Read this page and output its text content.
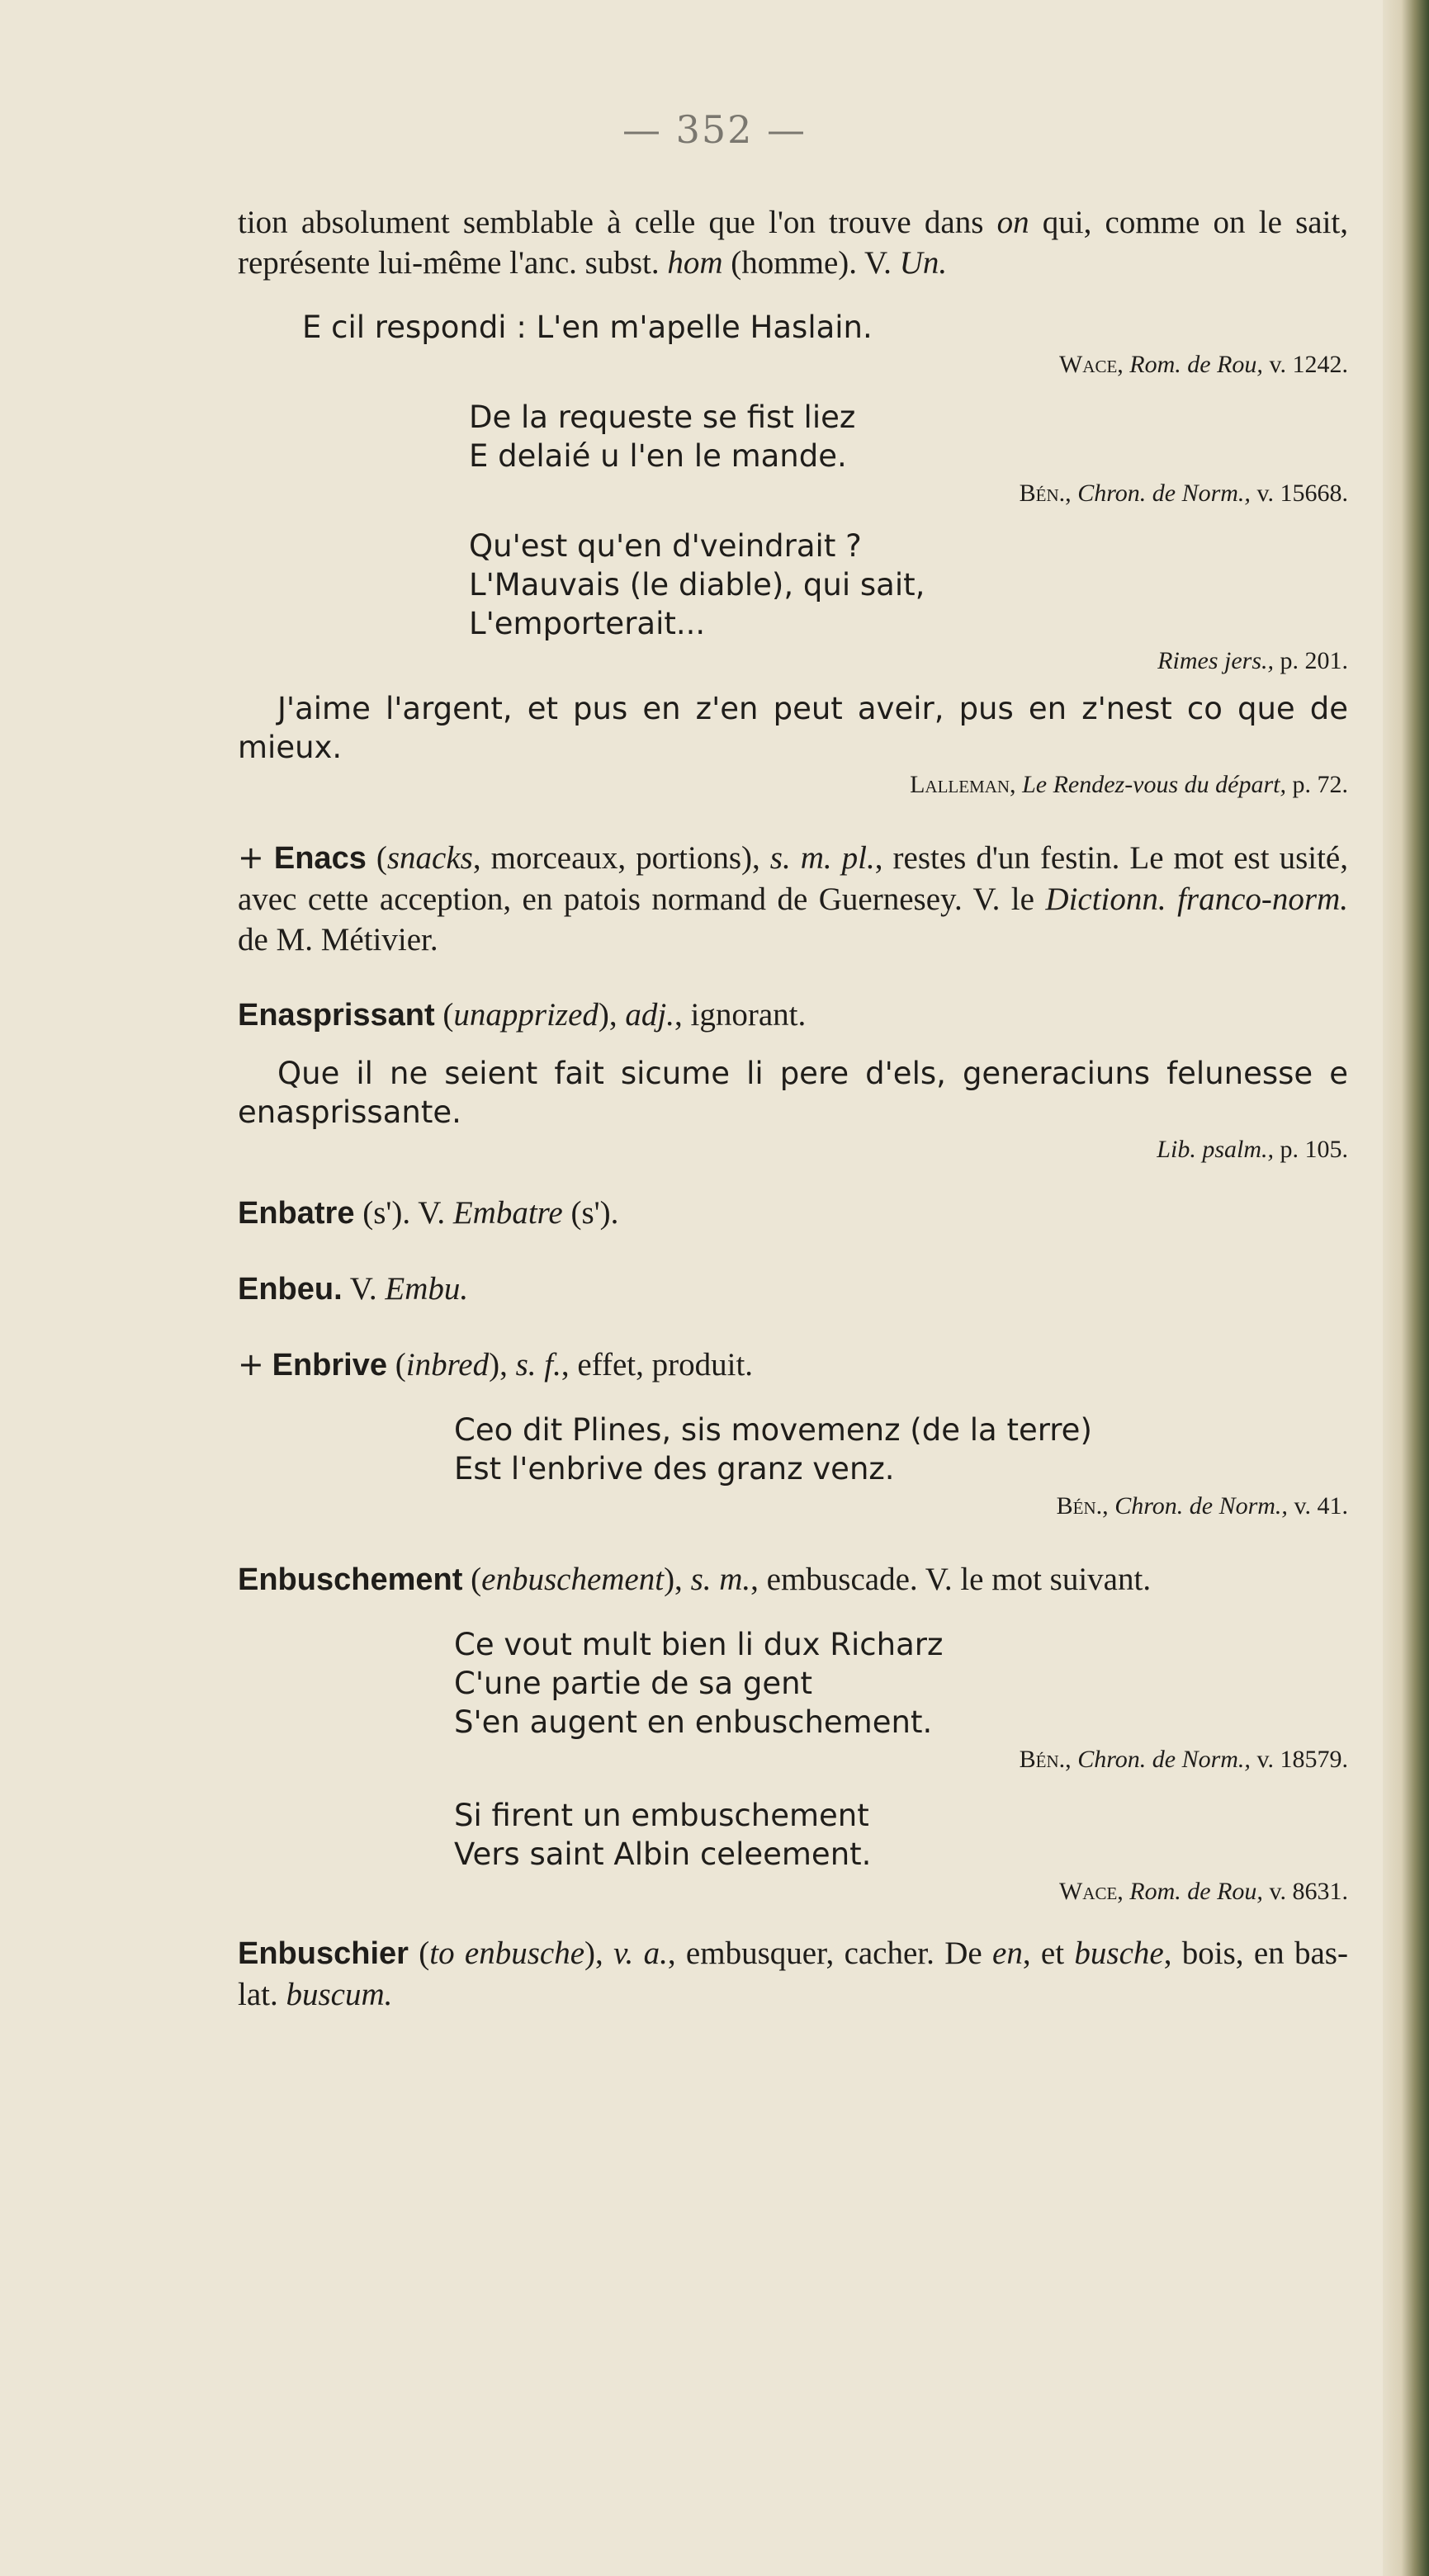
— 352 —

tion absolument semblable à celle que l'on trouve dans on qui, comme on le sait, représente lui-même l'anc. subst. hom (homme). V. Un.

E cil respondi : L'en m'apelle Haslain.
Wace, Rom. de Rou, v. 1242.
De la requeste se fist liez
E delaié u l'en le mande.
Bén., Chron. de Norm., v. 15668.
Qu'est qu'en d'veindrait ?
L'Mauvais (le diable), qui sait,
L'emporterait...
Rimes jers., p. 201.

J'aime l'argent, et pus en z'en peut aveir, pus en z'nest co que de mieux.

Lalleman, Le Rendez-vous du départ, p. 72.

+ Enacs (snacks, morceaux, portions), s. m. pl., restes d'un festin. Le mot est usité, avec cette acception, en patois normand de Guernesey. V. le Dictionn. franco-norm. de M. Métivier.

Enasprissant (unapprized), adj., ignorant.

Que il ne seient fait sicume li pere d'els, generaciuns felunesse e enasprissante.

Lib. psalm., p. 105.

Enbatre (s'). V. Embatre (s').

Enbeu. V. Embu.

+ Enbrive (inbred), s. f., effet, produit.

Ceo dit Plines, sis movemenz (de la terre)
Est l'enbrive des granz venz.
Bén., Chron. de Norm., v. 41.

Enbuschement (enbuschement), s. m., embuscade. V. le mot suivant.

Ce vout mult bien li dux Richarz
C'une partie de sa gent
S'en augent en enbuschement.
Bén., Chron. de Norm., v. 18579.
Si firent un embuschement
Vers saint Albin celeement.
Wace, Rom. de Rou, v. 8631.

Enbuschier (to enbusche), v. a., embusquer, cacher. De en, et busche, bois, en bas-lat. buscum.
